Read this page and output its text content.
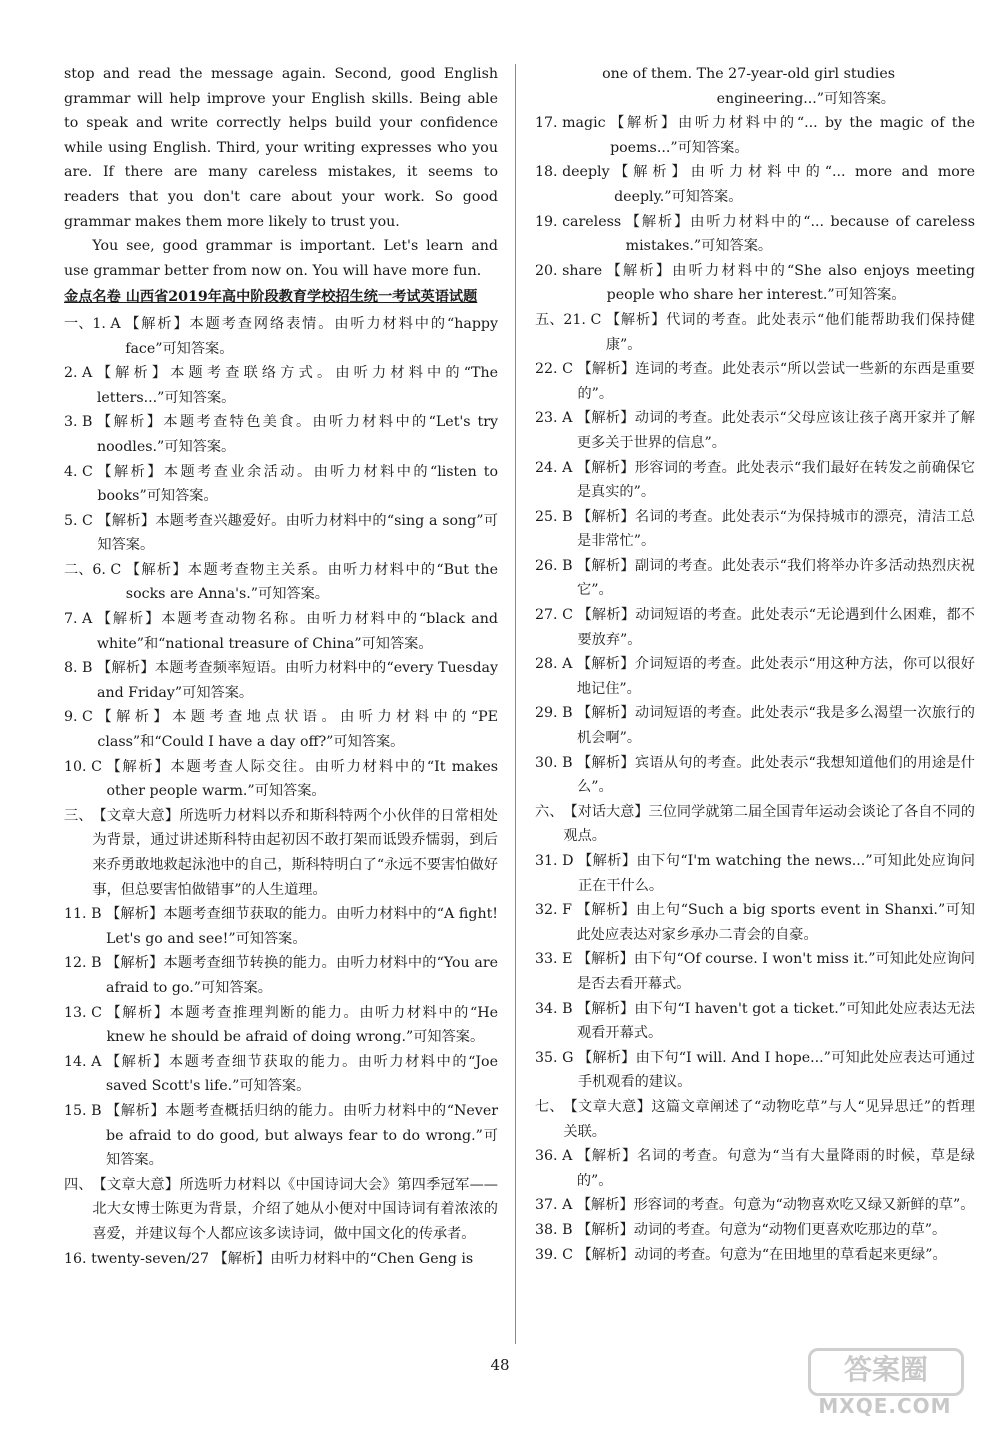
stop and read the message again. Second, good English grammar will help improve your English skills. Being able to speak and write correctly helps build your confidence while using English. Third, your writing expresses who you are. If there are many careless mistakes, it seems to readers that you don't care about your work. So good grammar makes them more likely to trust you.

You see, good grammar is important. Let's learn and use grammar better from now on. You will have more fun.

金点名卷 山西省2019年高中阶段教育学校招生统一考试英语试题
一、1. A 【解析】本题考查网络表情。由听力材料中的“happy face”可知答案。
2. A 【解析】本题考查联络方式。由听力材料中的“The letters...”可知答案。
3. B 【解析】本题考查特色美食。由听力材料中的“Let's try noodles.”可知答案。
4. C 【解析】本题考查业余活动。由听力材料中的“listen to books”可知答案。
5. C 【解析】本题考查兴趣爱好。由听力材料中的“sing a song”可知答案。
二、6. C 【解析】本题考查物主关系。由听力材料中的“But the socks are Anna's.”可知答案。
7. A 【解析】本题考查动物名称。由听力材料中的“black and white”和“national treasure of China”可知答案。
8. B 【解析】本题考查频率短语。由听力材料中的“every Tuesday and Friday”可知答案。
9. C 【解析】本题考查地点状语。由听力材料中的“PE class”和“Could I have a day off?”可知答案。
10. C 【解析】本题考查人际交往。由听力材料中的“It makes other people warm.”可知答案。
三、 【文章大意】所选听力材料以乔和斯科特两个小伙伴的日常相处为背景，通过讲述斯科特由起初因不敢打架而诋毁乔懦弱，到后来乔勇敢地救起泳池中的自己，斯科特明白了“永远不要害怕做好事，但总要害怕做错事”的人生道理。
11. B 【解析】本题考查细节获取的能力。由听力材料中的“A fight! Let's go and see!”可知答案。
12. B 【解析】本题考查细节转换的能力。由听力材料中的“You are afraid to go.”可知答案。
13. C 【解析】本题考查推理判断的能力。由听力材料中的“He knew he should be afraid of doing wrong.”可知答案。
14. A 【解析】本题考查细节获取的能力。由听力材料中的“Joe saved Scott's life.”可知答案。
15. B 【解析】本题考查概括归纳的能力。由听力材料中的“Never be afraid to do good, but always fear to do wrong.”可知答案。
四、 【文章大意】所选听力材料以《中国诗词大会》第四季冠军——北大女博士陈更为背景，介绍了她从小便对中国诗词有着浓浓的喜爱，并建议每个人都应该多读诗词，做中国文化的传承者。
16. twenty-seven/27 【解析】由听力材料中的“Chen Geng is

one of them. The 27-year-old girl studies engineering...”可知答案。

17. magic 【解析】由听力材料中的“... by the magic of the poems...”可知答案。
18. deeply 【解析】由听力材料中的“... more and more deeply.”可知答案。
19. careless 【解析】由听力材料中的“... because of careless mistakes.”可知答案。
20. share 【解析】由听力材料中的“She also enjoys meeting people who share her interest.”可知答案。
五、21. C 【解析】代词的考查。此处表示“他们能帮助我们保持健康”。
22. C 【解析】连词的考查。此处表示“所以尝试一些新的东西是重要的”。
23. A 【解析】动词的考查。此处表示“父母应该让孩子离开家并了解更多关于世界的信息”。
24. A 【解析】形容词的考查。此处表示“我们最好在转发之前确保它是真实的”。
25. B 【解析】名词的考查。此处表示“为保持城市的漂亮，清洁工总是非常忙”。
26. B 【解析】副词的考查。此处表示“我们将举办许多活动热烈庆祝它”。
27. C 【解析】动词短语的考查。此处表示“无论遇到什么困难，都不要放弃”。
28. A 【解析】介词短语的考查。此处表示“用这种方法，你可以很好地记住”。
29. B 【解析】动词短语的考查。此处表示“我是多么渴望一次旅行的机会啊”。
30. B 【解析】宾语从句的考查。此处表示“我想知道他们的用途是什么”。
六、 【对话大意】三位同学就第二届全国青年运动会谈论了各自不同的观点。
31. D 【解析】由下句“I'm watching the news...”可知此处应询问正在干什么。
32. F 【解析】由上句“Such a big sports event in Shanxi.”可知此处应表达对家乡承办二青会的自豪。
33. E 【解析】由下句“Of course. I won't miss it.”可知此处应询问是否去看开幕式。
34. B 【解析】由下句“I haven't got a ticket.”可知此处应表达无法观看开幕式。
35. G 【解析】由下句“I will. And I hope...”可知此处应表达可通过手机观看的建议。
七、 【文章大意】这篇文章阐述了“动物吃草”与人“见异思迁”的哲理关联。
36. A 【解析】名词的考查。句意为“当有大量降雨的时候，草是绿的”。
37. A 【解析】形容词的考查。句意为“动物喜欢吃又绿又新鲜的草”。
38. B 【解析】动词的考查。句意为“动物们更喜欢吃那边的草”。
39. C 【解析】动词的考查。句意为“在田地里的草看起来更绿”。
48	答案圈
MXQE.COM
